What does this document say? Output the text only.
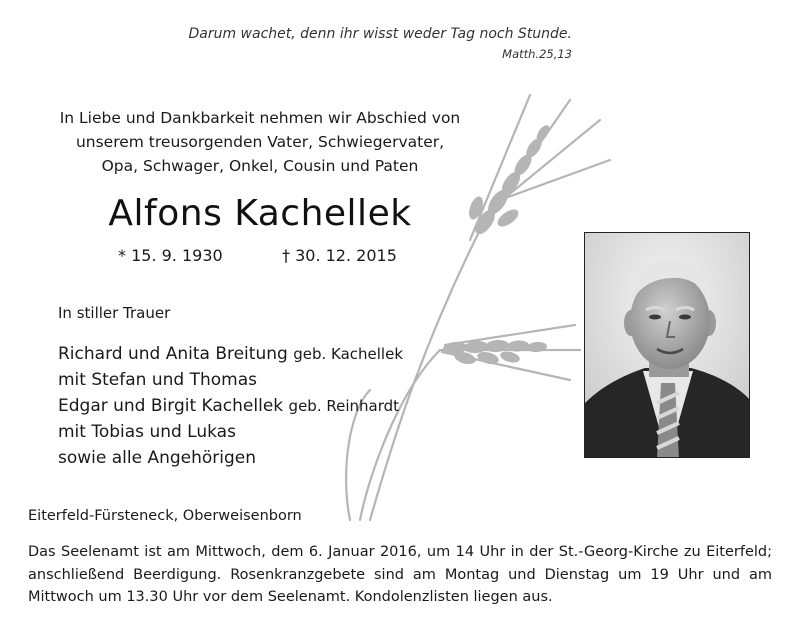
Darum wachet, denn ihr wisst weder Tag noch Stunde.
Matth.25,13
In Liebe und Dankbarkeit nehmen wir Abschied von
unserem treusorgenden Vater, Schwiegervater,
Opa, Schwager, Onkel, Cousin und Paten
Alfons Kachellek
* 15. 9. 1930	† 30. 12. 2015
In stiller Trauer
Richard und Anita Breitung geb. Kachellek
mit Stefan und Thomas
Edgar und Birgit Kachellek geb. Reinhardt
mit Tobias und Lukas
sowie alle Angehörigen
Eiterfeld-Fürsteneck, Oberweisenborn
Das Seelenamt ist am Mittwoch, dem 6. Januar 2016, um 14 Uhr in der St.-Georg-Kirche zu Eiterfeld; anschließend Beerdigung. Rosenkranzgebete sind am Montag und Dienstag um 19 Uhr und am Mittwoch um 13.30 Uhr vor dem Seelenamt. Kondolenzlisten liegen aus.
